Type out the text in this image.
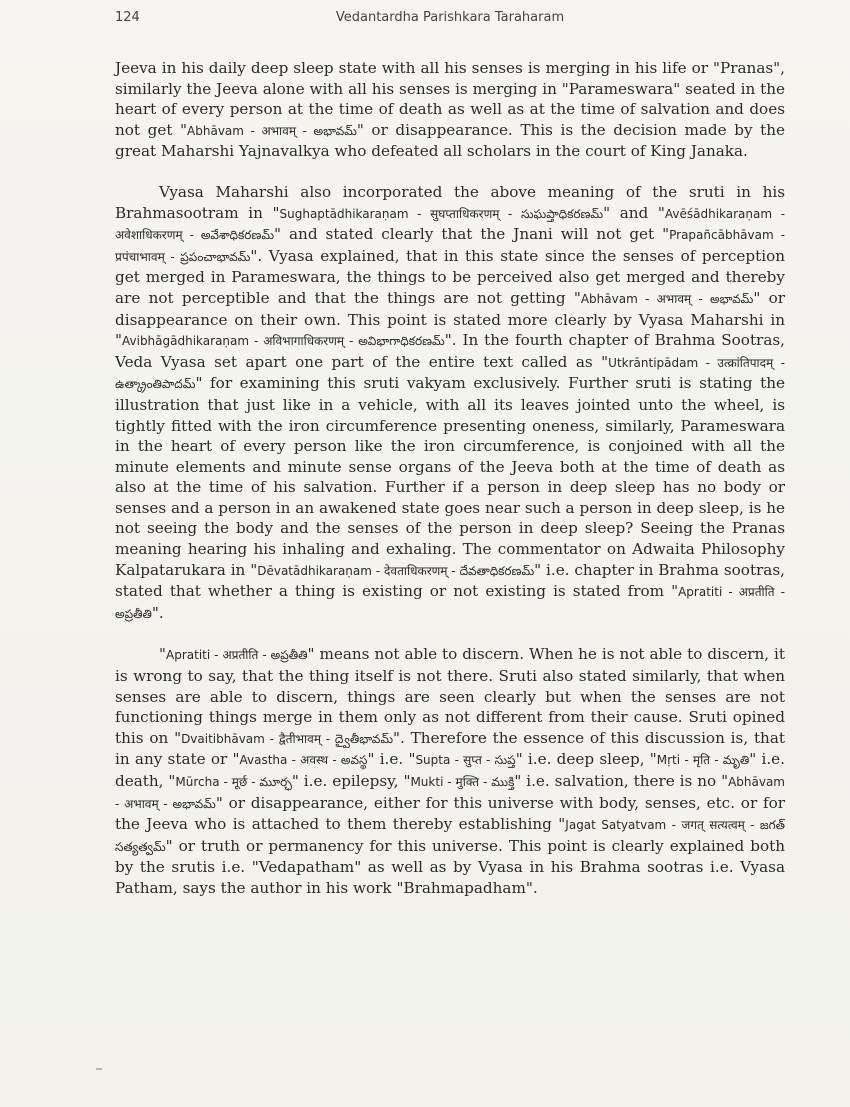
124	Vedantardha Parishkara Taraharam

Jeeva in his daily deep sleep state with all his senses is merging in his life or "Pranas", similarly the Jeeva alone with all his senses is merging in "Parameswara" seated in the heart of every person at the time of death as well as at the time of salvation and does not get "Abhāvam - अभावम् - అభావమ్" or disappearance. This is the decision made by the great Maharshi Yajnavalkya who defeated all scholars in the court of King Janaka.

Vyasa Maharshi also incorporated the above meaning of the sruti in his Brahmasootram in "Sughaptādhikaraṇam - सुघप्ताधिकरणम् - సుఘప్తాధికరణమ్" and "Avēśādhikaraṇam - अवेशाधिकरणम् - అవేశాధికరణమ్" and stated clearly that the Jnani will not get "Prapañcābhāvam - प्रपंचाभावम् - ప్రపంచాభావమ్". Vyasa explained, that in this state since the senses of perception get merged in Parameswara, the things to be perceived also get merged and thereby are not perceptible and that the things are not getting "Abhāvam - अभावम् - అభావమ్" or disappearance on their own. This point is stated more clearly by Vyasa Maharshi in "Avibhāgādhikaraṇam - अविभागाधिकरणम् - అవిభాగాధికరణమ్". In the fourth chapter of Brahma Sootras, Veda Vyasa set apart one part of the entire text called as "Utkrāntipādam - उत्क्रांतिपादम् - ఉత్క్రాంతిపాదమ్" for examining this sruti vakyam exclusively. Further sruti is stating the illustration that just like in a vehicle, with all its leaves jointed unto the wheel, is tightly fitted with the iron circumference presenting oneness, similarly, Parameswara in the heart of every person like the iron circumference, is conjoined with all the minute elements and minute sense organs of the Jeeva both at the time of death as also at the time of his salvation. Further if a person in deep sleep has no body or senses and a person in an awakened state goes near such a person in deep sleep, is he not seeing the body and the senses of the person in deep sleep? Seeing the Pranas meaning hearing his inhaling and exhaling. The commentator on Adwaita Philosophy Kalpatarukara in "Dēvatādhikaraṇam - देवताधिकरणम् - దేవతాధికరణమ్" i.e. chapter in Brahma sootras, stated that whether a thing is existing or not existing is stated from "Apratiti - अप्रतीति - అప్రతీతి".

"Apratiti - अप्रतीति - అప్రతీతి" means not able to discern. When he is not able to discern, it is wrong to say, that the thing itself is not there. Sruti also stated similarly, that when senses are able to discern, things are seen clearly but when the senses are not functioning things merge in them only as not different from their cause. Sruti opined this on "Dvaitibhāvam - द्वैतीभावम् - ద్వైతీభావమ్". Therefore the essence of this discussion is, that in any state or "Avastha - अवस्थ - అవస్థ" i.e. "Supta - सुप्त - సుప్త" i.e. deep sleep, "Mṛti - मृति - మృతి" i.e. death, "Mūrcha - मूर्छ - మూర్ఛ" i.e. epilepsy, "Mukti - मुक्ति - ముక్తి" i.e. salvation, there is no "Abhāvam - अभावम् - అభావమ్" or disappearance, either for this universe with body, senses, etc. or for the Jeeva who is attached to them thereby establishing "Jagat Satyatvam - जगत् सत्यत्वम् - జగత్ సత్యత్వమ్" or truth or permanency for this universe. This point is clearly explained both by the srutis i.e. "Vedapatham" as well as by Vyasa in his Brahma sootras i.e. Vyasa Patham, says the author in his work "Brahmapadham".
